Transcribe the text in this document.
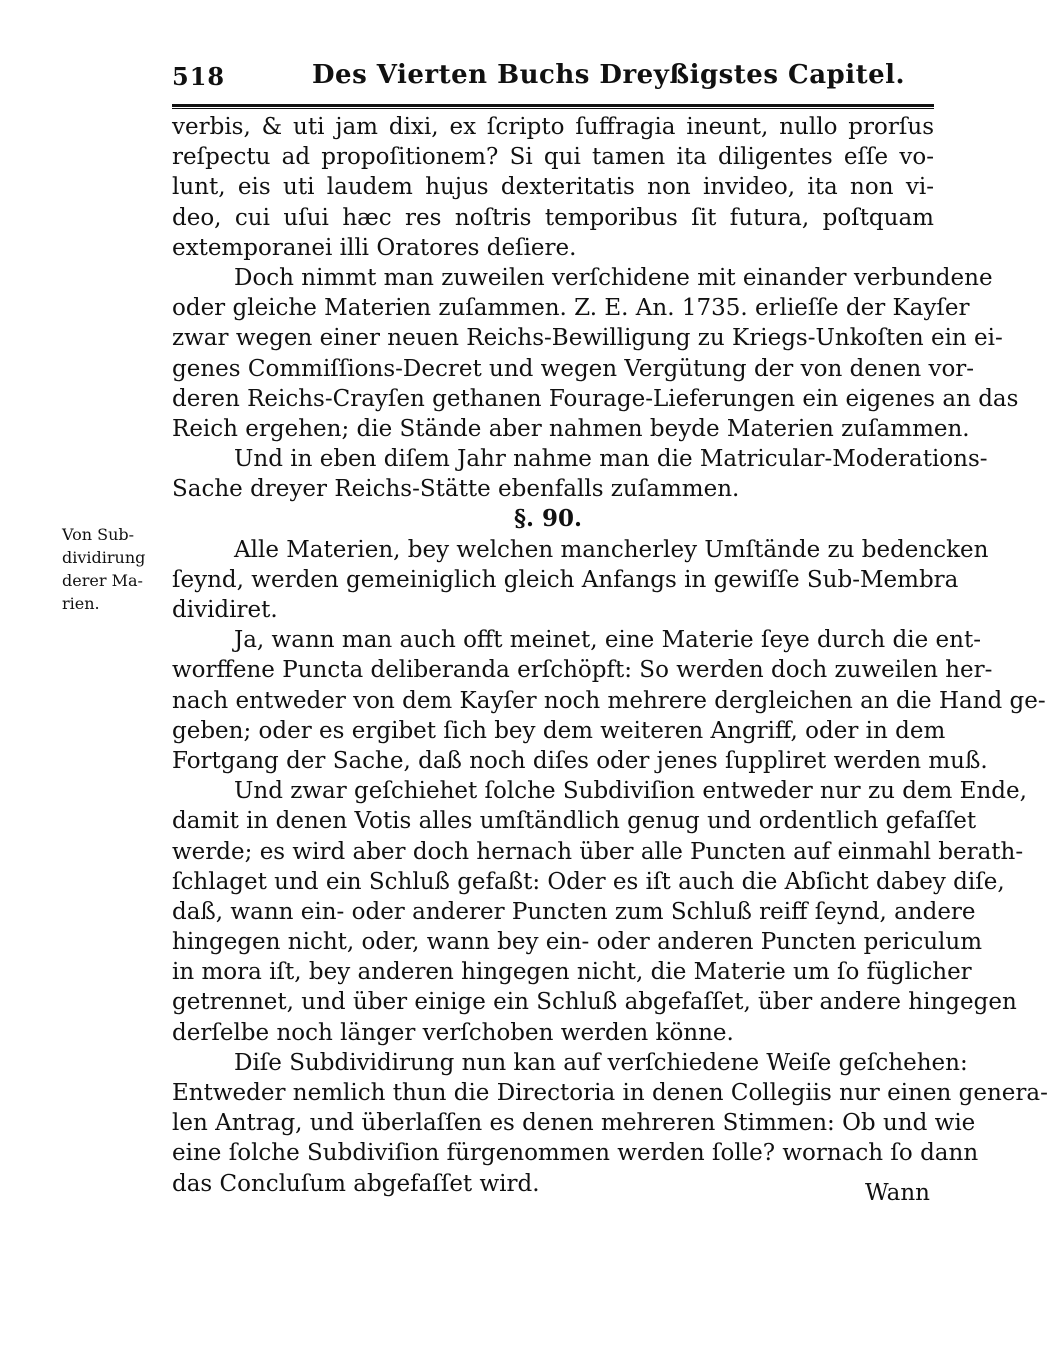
518	Des Vierten Buchs Dreyßigstes Capitel.
Von Sub-
dividirung
derer Ma-
rien.
verbis, & uti jam dixi, ex ſcripto ſuffragia ineunt, nullo prorſus
reſpectu ad propoſitionem? Si qui tamen ita diligentes eſſe vo-
lunt, eis uti laudem hujus dexteritatis non invideo, ita non vi-
deo, cui uſui hæc res noſtris temporibus ſit futura, poſtquam
extemporanei illi Oratores deſiere.
Doch nimmt man zuweilen verſchidene mit einander verbundene
oder gleiche Materien zuſammen. Z. E. An. 1735. erlieſſe der Kayſer
zwar wegen einer neuen Reichs-Bewilligung zu Kriegs-Unkoſten ein ei-
genes Commiſſions-Decret und wegen Vergütung der von denen vor-
deren Reichs-Crayſen gethanen Fourage-Lieferungen ein eigenes an das
Reich ergehen; die Stände aber nahmen beyde Materien zuſammen.
Und in eben diſem Jahr nahme man die Matricular-Moderations-
Sache dreyer Reichs-Stätte ebenfalls zuſammen.
§. 90.
Alle Materien, bey welchen mancherley Umſtände zu bedencken
ſeynd, werden gemeiniglich gleich Anfangs in gewiſſe Sub-Membra
dividiret.
Ja, wann man auch offt meinet, eine Materie ſeye durch die ent-
worffene Puncta deliberanda erſchöpft: So werden doch zuweilen her-
nach entweder von dem Kayſer noch mehrere dergleichen an die Hand ge-
geben; oder es ergibet ſich bey dem weiteren Angriff, oder in dem
Fortgang der Sache, daß noch diſes oder jenes ſuppliret werden muß.
Und zwar geſchiehet ſolche Subdiviſion entweder nur zu dem Ende,
damit in denen Votis alles umſtändlich genug und ordentlich gefaſſet
werde; es wird aber doch hernach über alle Puncten auf einmahl berath-
ſchlaget und ein Schluß gefaßt: Oder es iſt auch die Abſicht dabey diſe,
daß, wann ein- oder anderer Puncten zum Schluß reiff ſeynd, andere
hingegen nicht, oder, wann bey ein- oder anderen Puncten periculum
in mora iſt, bey anderen hingegen nicht, die Materie um ſo füglicher
getrennet, und über einige ein Schluß abgefaſſet, über andere hingegen
derſelbe noch länger verſchoben werden könne.
Diſe Subdividirung nun kan auf verſchiedene Weiſe geſchehen:
Entweder nemlich thun die Directoria in denen Collegiis nur einen genera-
len Antrag, und überlaſſen es denen mehreren Stimmen: Ob und wie
eine ſolche Subdiviſion fürgenommen werden ſolle? wornach ſo dann
das Concluſum abgefaſſet wird.	Wann
